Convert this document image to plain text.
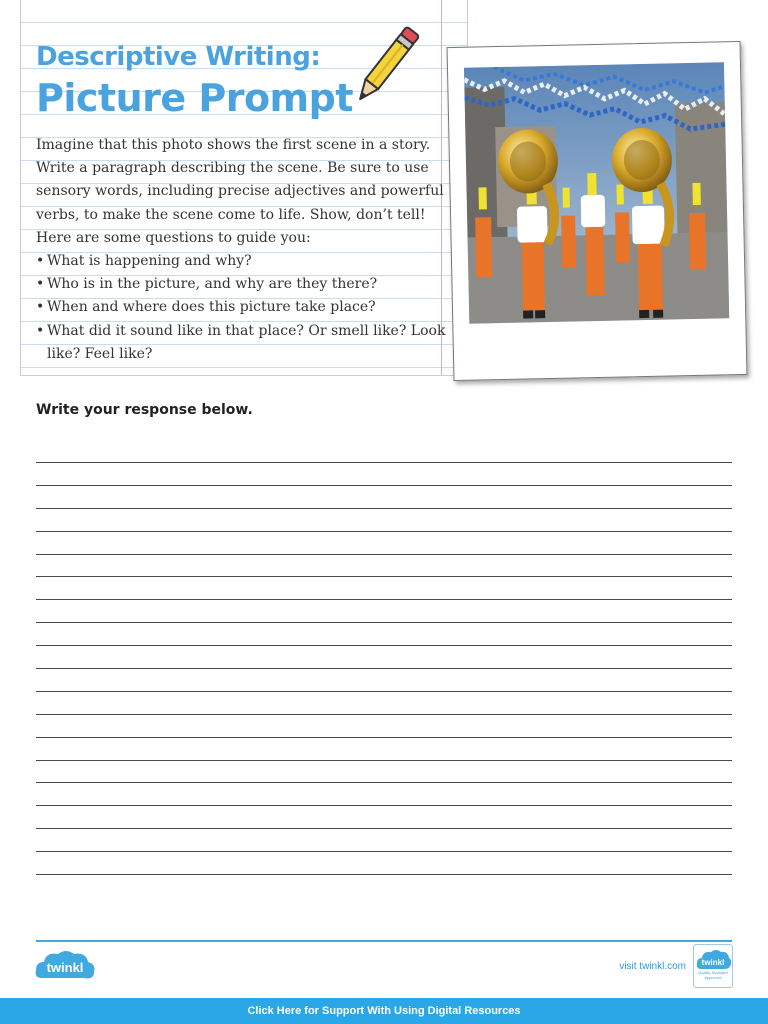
Descriptive Writing:
Picture Prompt

Imagine that this photo shows the first scene in a story. Write a paragraph describing the scene. Be sure to use sensory words, including precise adjectives and powerful verbs, to make the scene come to life. Show, don’t tell! Here are some questions to guide you:

• What is happening and why?
• Who is in the picture, and why are they there?
• When and where does this picture take place?
• What did it sound like in that place? Or smell like? Look like? Feel like?
Write your response below.
twinkl	visit twinkl.com twinkl
Quality Standard
Approved
Click Here for Support With Using Digital Resources
